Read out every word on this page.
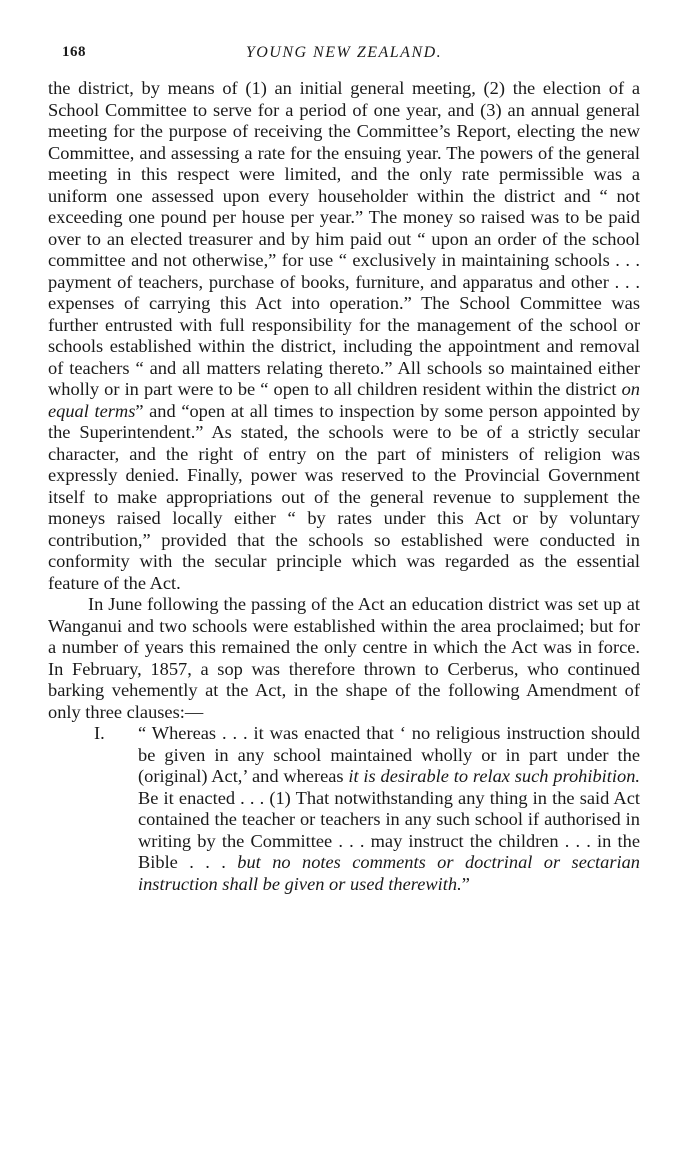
168	YOUNG NEW ZEALAND.

the district, by means of (1) an initial general meeting, (2) the election of a School Committee to serve for a period of one year, and (3) an annual general meeting for the purpose of receiving the Committee’s Report, electing the new Committee, and assessing a rate for the ensuing year. The powers of the general meeting in this respect were limited, and the only rate permissible was a uniform one assessed upon every householder within the district and “ not exceeding one pound per house per year.” The money so raised was to be paid over to an elected treasurer and by him paid out “ upon an order of the school committee and not otherwise,” for use “ exclusively in maintaining schools . . . payment of teachers, purchase of books, furniture, and apparatus and other . . . expenses of carrying this Act into operation.” The School Committee was further entrusted with full responsibility for the management of the school or schools established within the district, including the appointment and removal of teachers “ and all matters relating thereto.” All schools so maintained either wholly or in part were to be “ open to all children resident within the district on equal terms” and “open at all times to inspection by some person appointed by the Superintendent.” As stated, the schools were to be of a strictly secular character, and the right of entry on the part of ministers of religion was expressly denied. Finally, power was reserved to the Provincial Government itself to make appropriations out of the general revenue to supplement the moneys raised locally either “ by rates under this Act or by voluntary contribution,” provided that the schools so established were conducted in conformity with the secular principle which was regarded as the essential feature of the Act.

In June following the passing of the Act an education district was set up at Wanganui and two schools were established within the area proclaimed; but for a number of years this remained the only centre in which the Act was in force. In February, 1857, a sop was therefore thrown to Cerberus, who continued barking vehemently at the Act, in the shape of the following Amendment of only three clauses:—

I. “ Whereas . . . it was enacted that ‘ no religious instruction should be given in any school maintained wholly or in part under the (original) Act,’ and whereas it is desirable to relax such prohibition. Be it enacted . . . (1) That notwithstanding any thing in the said Act contained the teacher or teachers in any such school if authorised in writing by the Committee . . . may instruct the children . . . in the Bible . . . but no notes comments or doctrinal or sectarian instruction shall be given or used therewith.”
